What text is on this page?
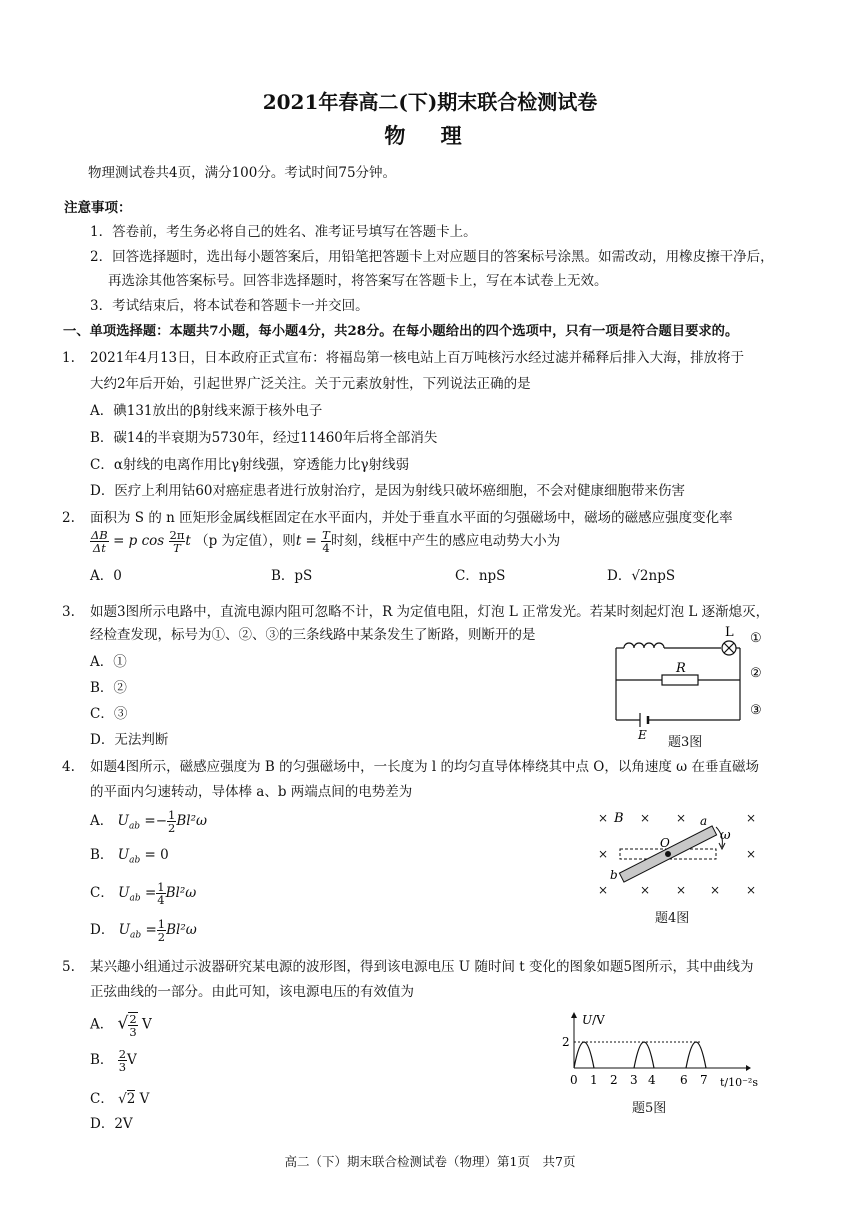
2021年春高二(下)期末联合检测试卷
物 理
物理测试卷共4页，满分100分。考试时间75分钟。
注意事项：
1．答卷前，考生务必将自己的姓名、准考证号填写在答题卡上。
2．回答选择题时，选出每小题答案后，用铅笔把答题卡上对应题目的答案标号涂黑。如需改动，用橡皮擦干净后，
再选涂其他答案标号。回答非选择题时，将答案写在答题卡上，写在本试卷上无效。
3．考试结束后，将本试卷和答题卡一并交回。
一、单项选择题：本题共7小题，每小题4分，共28分。在每小题给出的四个选项中，只有一项是符合题目要求的。
1. 2021年4月13日，日本政府正式宣布：将福岛第一核电站上百万吨核污水经过滤并稀释后排入大海，排放将于
大约2年后开始，引起世界广泛关注。关于元素放射性，下列说法正确的是
A．碘131放出的β射线来源于核外电子
B．碳14的半衰期为5730年，经过11460年后将全部消失
C．α射线的电离作用比γ射线强，穿透能力比γ射线弱
D．医疗上利用钴60对癌症患者进行放射治疗，是因为射线只破坏癌细胞，不会对健康细胞带来伤害
2. 面积为 S 的 n 匝矩形金属线框固定在水平面内，并处于垂直水平面的匀强磁场中，磁场的磁感应强度变化率
$\frac{\Delta B}{\Delta t} = p$ $\cos \frac{2\pi}{T}$ t （p 为定值），则$t = \frac{T}{4}$ 时刻，线框中产生的感应电动势大小为
A．0	B．pS	C．npS	D．√2npS
3. 如题3图所示电路中，直流电源内阻可忽略不计，R 为定值电阻，灯泡 L 正常发光。若某时刻起灯泡 L 逐渐熄灭，
经检查发现，标号为①、②、③的三条线路中某条发生了断路，则断开的是
A．①
B．②
C．③
D．无法判断
L ①
R	②
③
E 题3图
4. 如题4图所示，磁感应强度为 B 的匀强磁场中，一长度为 l 的均匀直导体棒绕其中点 O，以角速度 ω 在垂直磁场
的平面内匀速转动，导体棒 a、b 两端点间的电势差为
A． $U_{ab} =- \frac{1}{2} Bl^2\omega$
B． $U_{ab} = 0$
C． $U_{ab} = \frac{1}{4} Bl^2\omega$
D． $U_{ab} = \frac{1}{2} Bl^2\omega$
×	× ×	×
×	×
×	× × × ×
B	a
b
O	ω
题4图
5. 某兴趣小组通过示波器研究某电源的波形图，得到该电源电压 U 随时间 t 变化的图象如题5图所示，其中曲线为
正弦曲线的一部分。由此可知，该电源电压的有效值为
A． √ $\frac{2}{3}$ V
B． $\frac{2}{3}$ V
C． √2 V
D．2V
U/V
2
0 1 2 3 4 6 7 t/10⁻²s
题5图
高二（下）期末联合检测试卷（物理）第1页　共7页
